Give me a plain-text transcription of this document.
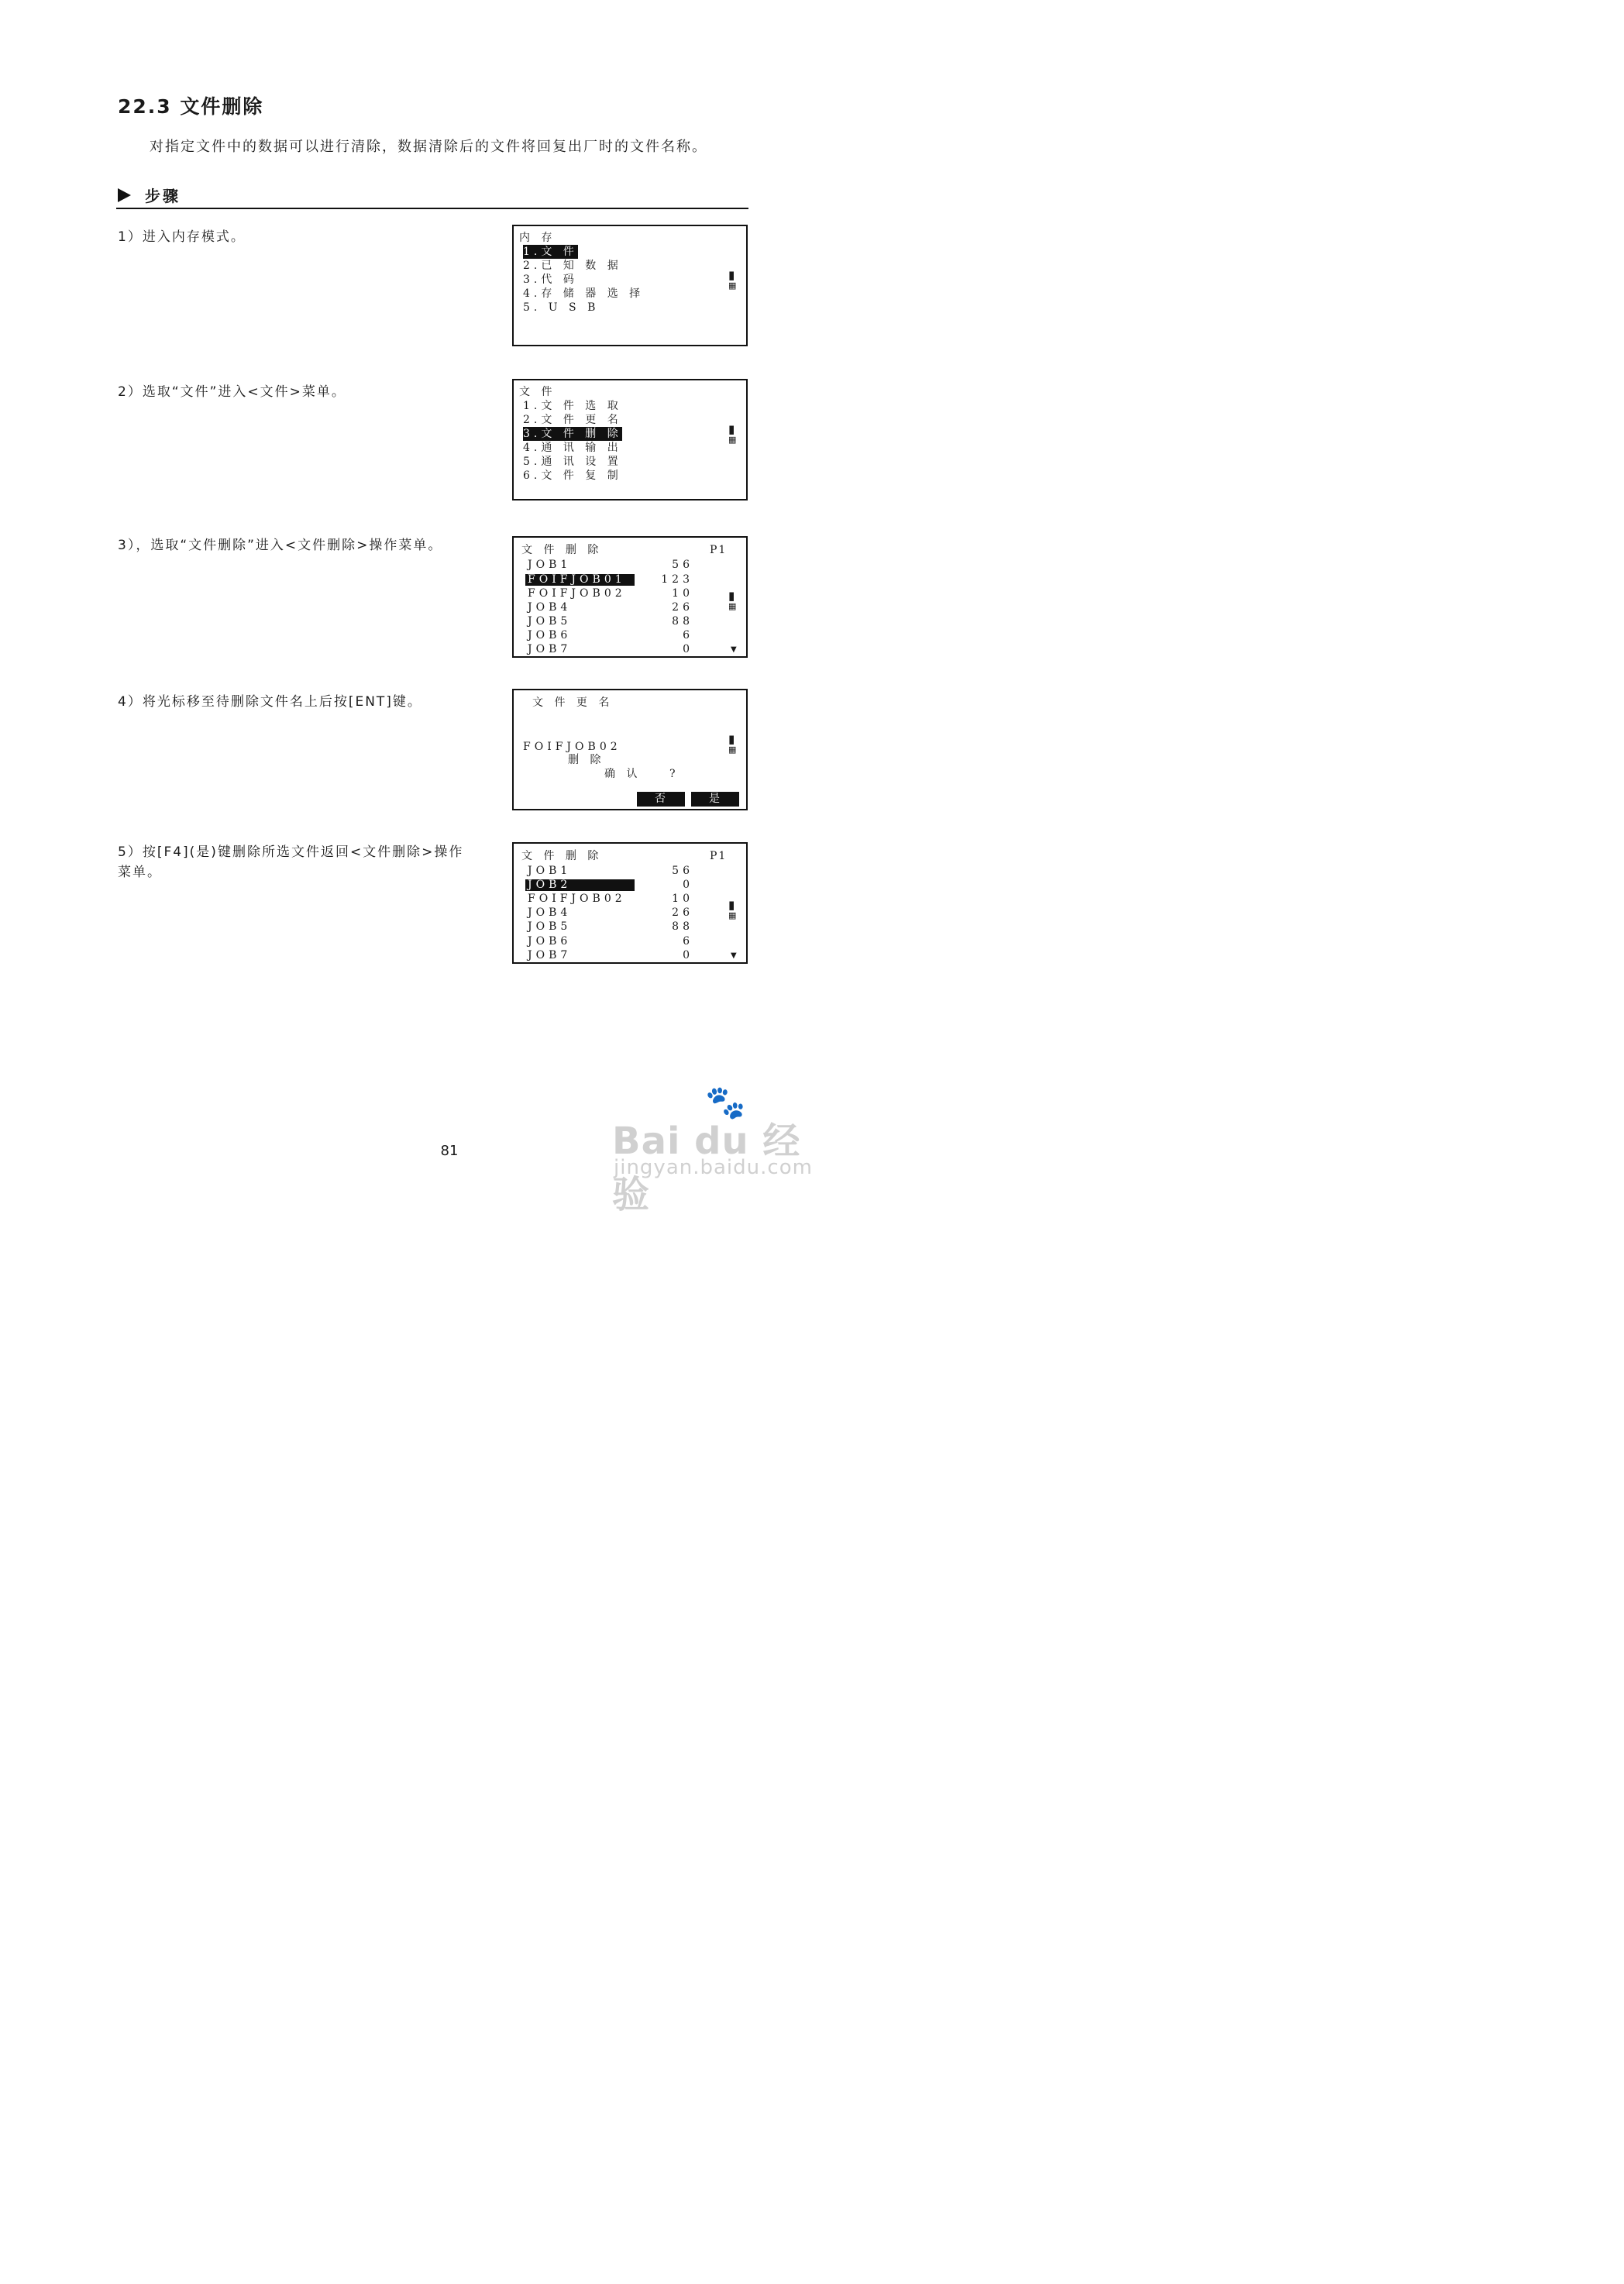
22.3 文件删除
对指定文件中的数据可以进行清除，数据清除后的文件将回复出厂时的文件名称。
步骤
1）进入内存模式。
2）选取“文件”进入<文件>菜单。
3），选取“文件删除”进入<文件删除>操作菜单。
4）将光标移至待删除文件名上后按[ENT]键。
5）按[F4](是)键删除所选文件返回<文件删除>操作菜单。
内 存
1.文 件
2.已 知 数 据
3.代 码
4.存 储 器 选 择
5. U S B
▮
▦
文 件
1.文 件 选 取
2.文 件 更 名
3.文 件 删 除
4.通 讯 输 出
5.通 讯 设 置
6.文 件 复 制
▮
▦
文 件 删 除	P1
JOB1	56
FOIFJOB01	123
FOIFJOB02	10
JOB4	26
JOB5	88
JOB6	6
JOB7	0
▮
▦
▼
文 件 更 名
FOIFJOB02
删 除
确 认	?
▮
▦
否	是
文 件 删 除	P1
JOB1	56
JOB2	0
FOIFJOB02	10
JOB4	26
JOB5	88
JOB6	6
JOB7	0
▮
▦
▼
81
🐾
Bai du 经验
jingyan.baidu.com
